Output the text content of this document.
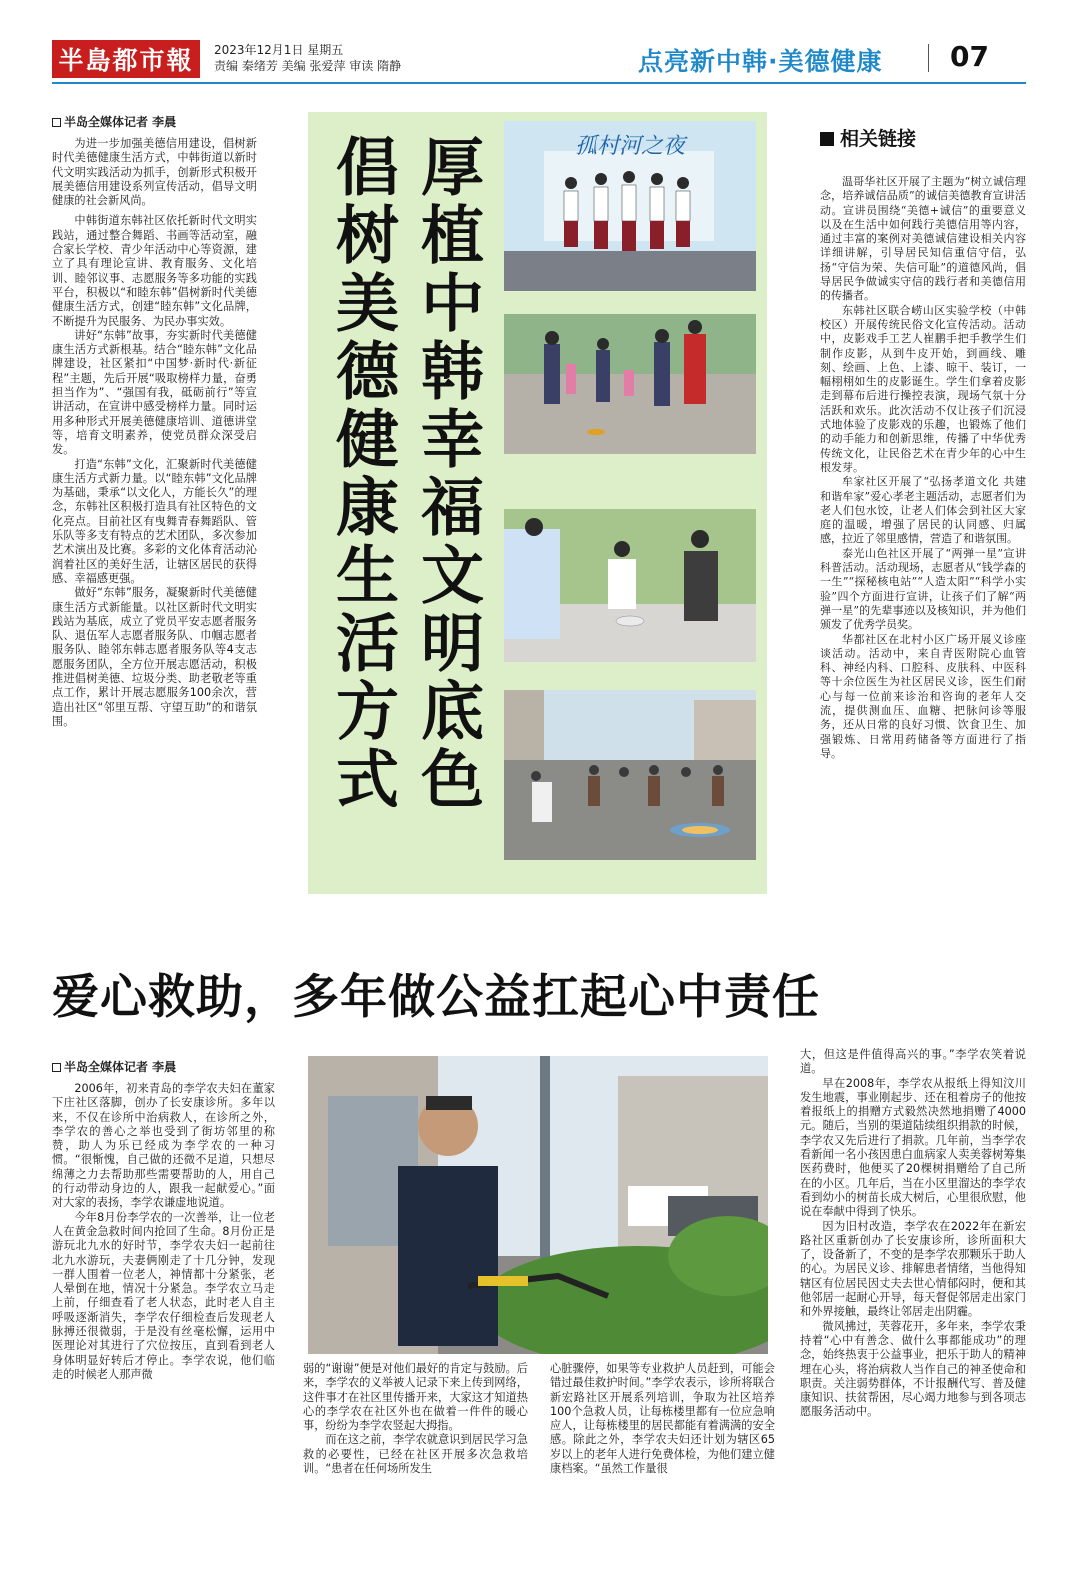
半島都市報	2023年12月1日 星期五
责编 秦绪芳 美编 张爱萍 审读 隋静	点亮新中韩·美德健康 07
半岛全媒体记者 李晨

为进一步加强美德信用建设，倡树新时代美德健康生活方式，中韩街道以新时代文明实践活动为抓手，创新形式积极开展美德信用建设系列宣传活动，倡导文明健康的社会新风尚。

中韩街道东韩社区依托新时代文明实践站，通过整合舞蹈、书画等活动室，融合家长学校、青少年活动中心等资源，建立了具有理论宣讲、教育服务、文化培训、睦邻议事、志愿服务等多功能的实践平台，积极以“和睦东韩”倡树新时代美德健康生活方式，创建“睦东韩”文化品牌，不断提升为民服务、为民办事实效。

讲好“东韩”故事，夯实新时代美德健康生活方式新根基。结合“睦东韩”文化品牌建设，社区紧扣“中国梦·新时代·新征程”主题，先后开展“吸取榜样力量，奋勇担当作为”、“强国有我，砥砺前行”等宣讲活动，在宣讲中感受榜样力量。同时运用多种形式开展美德健康培训、道德讲堂等，培育文明素养，使党员群众深受启发。

打造“东韩”文化，汇聚新时代美德健康生活方式新力量。以“睦东韩”文化品牌为基础，秉承“以文化人，方能长久”的理念，东韩社区积极打造具有社区特色的文化亮点。目前社区有曳舞青春舞蹈队、管乐队等多支有特点的艺术团队，多次参加艺术演出及比赛。多彩的文化体育活动沁润着社区的美好生活，让辖区居民的获得感、幸福感更强。

做好“东韩”服务，凝聚新时代美德健康生活方式新能量。以社区新时代文明实践站为基底，成立了党员平安志愿者服务队、退伍军人志愿者服务队、巾帼志愿者服务队、睦邻东韩志愿者服务队等4支志愿服务团队，全方位开展志愿活动，积极推进倡树美德、垃圾分类、助老敬老等重点工作，累计开展志愿服务100余次，营造出社区“邻里互帮、守望互助”的和谐氛围。	厚植中韩幸福文明底色
倡树美德健康生活方式	孤村河之夜	相关链接

温哥华社区开展了主题为“树立诚信理念，培养诚信品质”的诚信美德教育宣讲活动。宣讲员围绕“美德+诚信”的重要意义以及在生活中如何践行美德信用等内容，通过丰富的案例对美德诚信建设相关内容详细讲解，引导居民知信重信守信，弘扬“守信为荣、失信可耻”的道德风尚，倡导居民争做诚实守信的践行者和美德信用的传播者。

东韩社区联合崂山区实验学校（中韩校区）开展传统民俗文化宣传活动。活动中，皮影戏手工艺人崔鹏手把手教学生们制作皮影，从到牛皮开始，到画线、雕刻、绘画、上色、上漆、晾干、装订，一幅栩栩如生的皮影诞生。学生们拿着皮影走到幕布后进行操控表演，现场气氛十分活跃和欢乐。此次活动不仅让孩子们沉浸式地体验了皮影戏的乐趣，也锻炼了他们的动手能力和创新思维，传播了中华优秀传统文化，让民俗艺术在青少年的心中生根发芽。

牟家社区开展了“弘扬孝道文化 共建和谐牟家”爱心孝老主题活动，志愿者们为老人们包水饺，让老人们体会到社区大家庭的温暖，增强了居民的认同感、归属感，拉近了邻里感情，营造了和谐氛围。

泰光山色社区开展了“两弹一星”宣讲科普活动。活动现场，志愿者从“钱学森的一生”“探秘核电站”“人造太阳”“科学小实验”四个方面进行宣讲，让孩子们了解“两弹一星”的先辈事迹以及核知识，并为他们颁发了优秀学员奖。

华都社区在北村小区广场开展义诊座谈活动。活动中，来自青医附院心血管科、神经内科、口腔科、皮肤科、中医科等十余位医生为社区居民义诊，医生们耐心与每一位前来诊治和咨询的老年人交流，提供测血压、血糖、把脉问诊等服务，还从日常的良好习惯、饮食卫生、加强锻炼、日常用药储备等方面进行了指导。

爱心救助，多年做公益扛起心中责任
半岛全媒体记者 李晨

2006年，初来青岛的李学农夫妇在董家下庄社区落脚，创办了长安康诊所。多年以来，不仅在诊所中治病救人，在诊所之外，李学农的善心之举也受到了街坊邻里的称赞，助人为乐已经成为李学农的一种习惯。“很惭愧，自己做的还微不足道，只想尽绵薄之力去帮助那些需要帮助的人，用自己的行动带动身边的人，跟我一起献爱心。”面对大家的表扬，李学农谦虚地说道。

今年8月份李学农的一次善举，让一位老人在黄金急救时间内抢回了生命。8月份正是游玩北九水的好时节，李学农夫妇一起前往北九水游玩，夫妻俩刚走了十几分钟，发现一群人围着一位老人，神情都十分紧张，老人晕倒在地，情况十分紧急。李学农立马走上前，仔细查看了老人状态，此时老人自主呼吸逐渐消失，李学农仔细检查后发现老人脉搏还很微弱，于是没有丝毫松懈，运用中医理论对其进行了穴位按压，直到看到老人身体明显好转后才停止。李学农说，他们临走的时候老人那声微	弱的“谢谢”便是对他们最好的肯定与鼓励。后来，李学农的义举被人记录下来上传到网络，这件事才在社区里传播开来，大家这才知道热心的李学农在社区外也在做着一件件的暖心事，纷纷为李学农竖起大拇指。

而在这之前，李学农就意识到居民学习急救的必要性，已经在社区开展多次急救培训。“患者在任何场所发生

心脏骤停，如果等专业救护人员赶到，可能会错过最佳救护时间。”李学农表示，诊所将联合新宏路社区开展系列培训，争取为社区培养100个急救人员，让每栋楼里都有一位应急响应人，让每栋楼里的居民都能有着满满的安全感。除此之外，李学农夫妇还计划为辖区65岁以上的老年人进行免费体检，为他们建立健康档案。“虽然工作量很

大，但这是件值得高兴的事。”李学农笑着说道。

早在2008年，李学农从报纸上得知汶川发生地震，事业刚起步、还在租着房子的他按着报纸上的捐赠方式毅然决然地捐赠了4000元。随后，当别的渠道陆续组织捐款的时候，李学农又先后进行了捐款。几年前，当李学农看新闻一名小孩因患白血病家人卖美蓉树筹集医药费时，他便买了20棵树捐赠给了自己所在的小区。几年后，当在小区里溜达的李学农看到幼小的树苗长成大树后，心里很欣慰，他说在奉献中得到了快乐。

因为旧村改造，李学农在2022年在新宏路社区重新创办了长安康诊所，诊所面积大了，设备新了，不变的是李学农那颗乐于助人的心。为居民义诊、排解患者情绪，当他得知辖区有位居民因丈夫去世心情郁闷时，便和其他邻居一起耐心开导，每天督促邻居走出家门和外界接触，最终让邻居走出阴霾。

微风拂过，芙蓉花开，多年来，李学农秉持着“心中有善念、做什么事都能成功”的理念，始终热衷于公益事业，把乐于助人的精神埋在心头，将治病救人当作自己的神圣使命和职责。关注弱势群体，不计报酬代写、普及健康知识、扶贫帮困，尽心竭力地参与到各项志愿服务活动中。
